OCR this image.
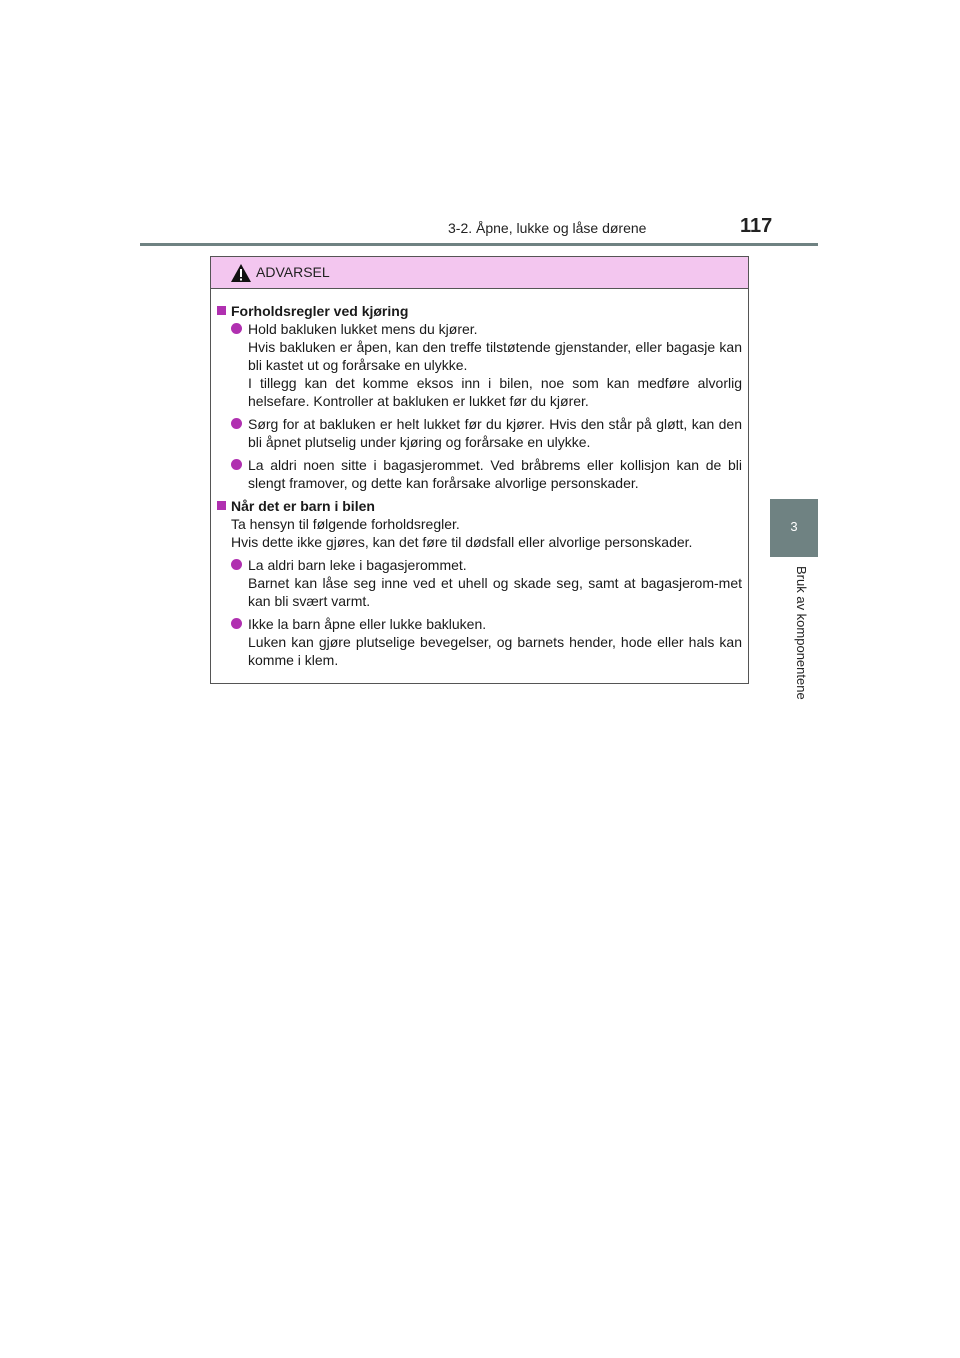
3-2. Åpne, lukke og låse dørene	117
3
Bruk av komponentene
ADVARSEL
Forholdsregler ved kjøring
Hold bakluken lukket mens du kjører.
Hvis bakluken er åpen, kan den treffe tilstøtende gjenstander, eller bagasje kan bli kastet ut og forårsake en ulykke.
I tillegg kan det komme eksos inn i bilen, noe som kan medføre alvorlig helsefare. Kontroller at bakluken er lukket før du kjører.
Sørg for at bakluken er helt lukket før du kjører. Hvis den står på gløtt, kan den bli åpnet plutselig under kjøring og forårsake en ulykke.
La aldri noen sitte i bagasjerommet. Ved bråbrems eller kollisjon kan de bli slengt framover, og dette kan forårsake alvorlige personskader.
Når det er barn i bilen
Ta hensyn til følgende forholdsregler.
Hvis dette ikke gjøres, kan det føre til dødsfall eller alvorlige personskader.
La aldri barn leke i bagasjerommet.
Barnet kan låse seg inne ved et uhell og skade seg, samt at bagasjerom-met kan bli svært varmt.
Ikke la barn åpne eller lukke bakluken.
Luken kan gjøre plutselige bevegelser, og barnets hender, hode eller hals kan komme i klem.
